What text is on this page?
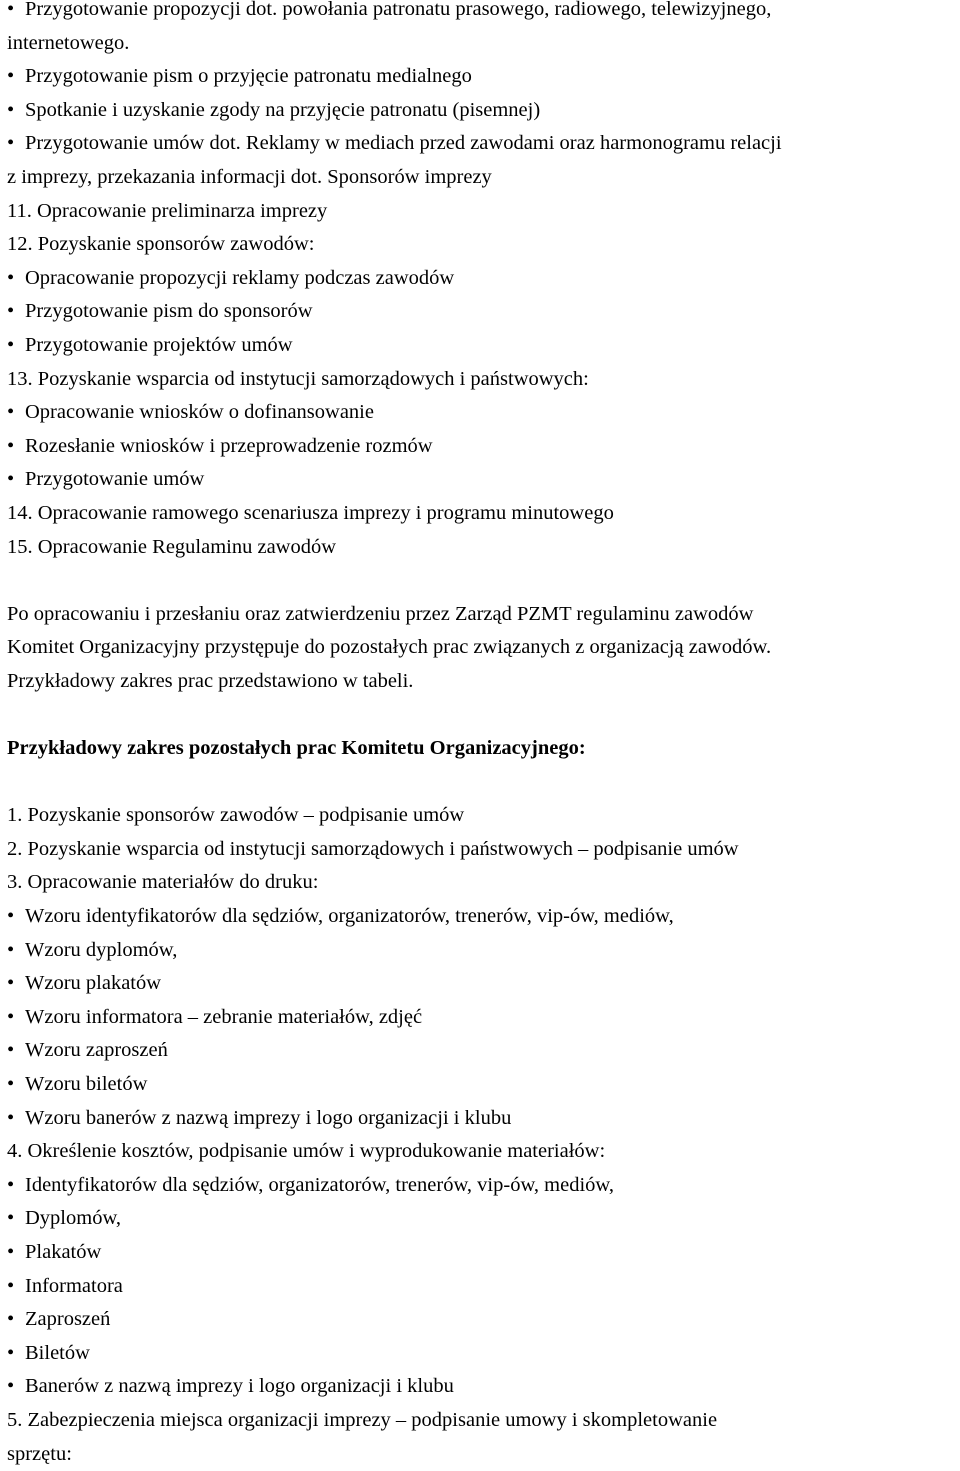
• Przygotowanie propozycji dot. powołania patronatu prasowego, radiowego, telewizyjnego,
internetowego.
• Przygotowanie pism o przyjęcie patronatu medialnego
• Spotkanie i uzyskanie zgody na przyjęcie patronatu (pisemnej)
• Przygotowanie umów dot. Reklamy w mediach przed zawodami oraz harmonogramu relacji
z imprezy, przekazania informacji dot. Sponsorów imprezy
11. Opracowanie preliminarza imprezy
12. Pozyskanie sponsorów zawodów:
• Opracowanie propozycji reklamy podczas zawodów
• Przygotowanie pism do sponsorów
• Przygotowanie projektów umów
13. Pozyskanie wsparcia od instytucji samorządowych i państwowych:
• Opracowanie wniosków o dofinansowanie
• Rozesłanie wniosków i przeprowadzenie rozmów
• Przygotowanie umów
14. Opracowanie ramowego scenariusza imprezy i programu minutowego
15. Opracowanie Regulaminu zawodów
Po opracowaniu i przesłaniu oraz zatwierdzeniu przez Zarząd PZMT regulaminu zawodów
Komitet Organizacyjny przystępuje do pozostałych prac związanych z organizacją zawodów.
Przykładowy zakres prac przedstawiono w tabeli.
Przykładowy zakres pozostałych prac Komitetu Organizacyjnego:
1. Pozyskanie sponsorów zawodów – podpisanie umów
2. Pozyskanie wsparcia od instytucji samorządowych i państwowych – podpisanie umów
3. Opracowanie materiałów do druku:
• Wzoru identyfikatorów dla sędziów, organizatorów, trenerów, vip-ów, mediów,
• Wzoru dyplomów,
• Wzoru plakatów
• Wzoru informatora – zebranie materiałów, zdjęć
• Wzoru zaproszeń
• Wzoru biletów
• Wzoru banerów z nazwą imprezy i logo organizacji i klubu
4. Określenie kosztów, podpisanie umów i wyprodukowanie materiałów:
• Identyfikatorów dla sędziów, organizatorów, trenerów, vip-ów, mediów,
• Dyplomów,
• Plakatów
• Informatora
• Zaproszeń
• Biletów
• Banerów z nazwą imprezy i logo organizacji i klubu
5. Zabezpieczenia miejsca organizacji imprezy – podpisanie umowy i skompletowanie
sprzętu:
